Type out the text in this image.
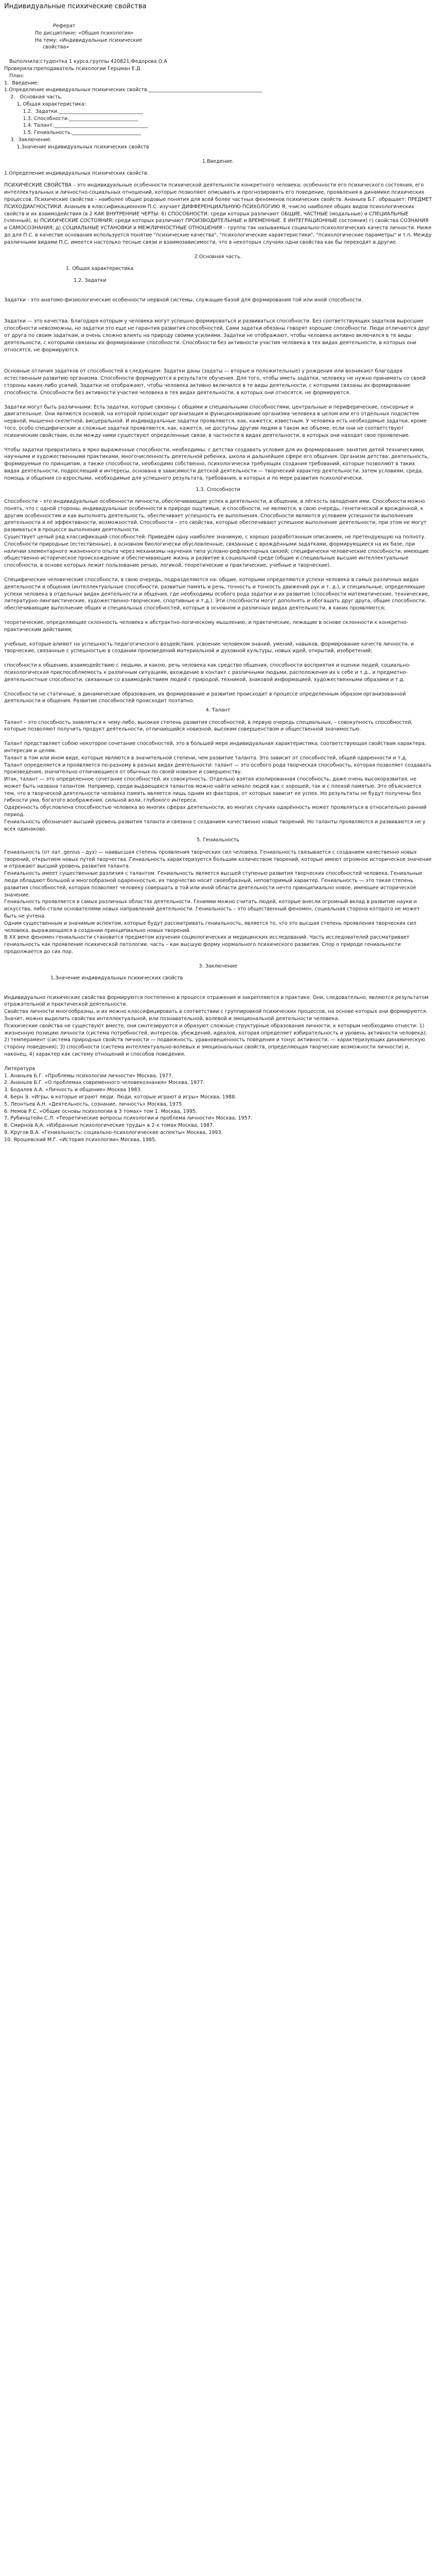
Индивидуальные психические свойства

Реферат

По дисциплине: «Общая психология»

На тему: «Индивидуальные психические

свойства»

Выполнила:студентка 1 курса,группы 420821,Федорова О.А

Проверила:преподаватель психологии Герцман Е.Д

План:

1.  Введение:

1.Определение индивидуальных психических свойств.______________________________________________

2.   Основная часть.

1. Общая характеристика:

1.2.  Задатки.__________________________________

1.3. Способности.____________________________

1.4. Талант.______________________________________

1.5. Гениальность.____________________________

3.  Заключение.

1.Значение индивидуальных психических свойств

1.Введение.

1.Определение индивидуальных психических свойств.

ПСИХИЧЕСКИЕ СВОЙСТВА – это индивидуальные особенности психической деятельности конкретного человека; особенности его психического состояния, его интеллектуальных и личностно-социальных отношений, которые позволяют описывать и прогнозировать его поведение, проявления в динамике психических процессов. Психические свойства – наиболее общие родовые понятия для всей более частных феноменов психических свойств. Ананьев Б.Г. обращает: ПРЕДМЕТ ПСИХОДИАГНОСТИКИ. Ананьев в классификационном П.С. изучает ДИФФЕРЕНЦИАЛЬНУЮ ПСИХОЛОГИЮ Я, ччисло наиболее общих видов психологических свойств и их взаимодействия (в 2 КАК ВНУТРЕННИЕ ЧЕРТЫ: 6) СПОСОБНОСТИ: среди которых различают ОБЩИЕ, ЧАСТНЫЕ (модальные) и СПЕЦИАЛЬНЫЕ (членный), в) ПСИХИЧЕСКИЕ СОСТОЯНИЯ; среди которых различают ПРОИЗВОДИТЕЛЬНЫЕ и ВРЕМЕННЫЕ. Е ИНТЕГРАЦИОННЫЕ состояния) г) свойства СОЗНАНИЯ и САМОСОЗНАНИЯ; д) СОЦИАЛЬНЫЕ УСТАНОВКИ и МЕЖЛИЧНОСТНЫЕ ОТНОШЕНИЯ – группа так называемых социально-психологических качеств личности. Ниже до для П.С. в качестве основания используется понятие "психические качества", "психологические характеристики", "психологические параметры" и т.п. Между различными видами П.С. имеется настолько тесные связи и взаимозависимости, что в некоторых случаях одни свойства как бы переходят в другие.

2.Основная часть.

1. Общая характеристика

1.2. Задатки

Задатки - это анатомо-физиологические особенности нервной системы, служащие базой для формирования той или иной способности.

Задатки — это качества. Благодаря которым у человека могут успешно формироваться и развиваться способности. Без соответствующих задатков выросшие способности невозможны, но задатки это еще не гарантия развития способностей. Сами задатки обязаны говорят хорошие способности. Люди отличаются друг от друга по своим задаткам, и очень сложно влиять на природу своими усилиями. Задатки не отображают, чтобы человека активно включился в те виды деятельности, с которыми связаны их формирование способности. Способности без активности участия человека в тех видах деятельности, в которых они относятся, не формируются.

Основные отличия задатков от способностей в следующем: Задатки даны (задаты — вторые и положительные) у рождения или возникают благодаря естественным развитию организма. Способности формируются в результате обучения. Для того, чтобы иметь задатки, человеку не нужно принимать со своей стороны каких-либо усилий. Задатки не отображают, чтобы человека активно включился в те виды деятельности, с которыми связаны их формирование способности. Способности без активности участия человека в тех видах деятельности, в которых они относятся, не формируются.

Задатки могут быть различными. Есть задатки, которые связаны с общими и специальными способностями, центральные и периферические, сенсорные и двигательные. Они являются основой, на которой происходит организация и функционирование организма человека в целом или его отдельных подсистем нервной, мышечно-скелетной, висцеральной. И индивидуальные задатки проявляются, как, кажется, известным. У человека есть необходимые задатки, кроме того, особо специфические и сложные задатки проявляются, как, кажется, не доступны другим людям в таком же объеме, если они не соответствуют психическим свойствам, если между ними существуют определенные связи, в частности в видах деятельности, в которых они находят свое проявление.

Чтобы задатки превратились в ярко выраженные способности, необходимы: с детства создавать условия для их формирования: занятия детей техническими, научными и художественными практиками, многочисленность деятельной ребенка, школа и дальнейшее сфере его общения. Организм детства: деятельность, формируемые по принципам, а также способности, необходимо собственно, психологически требующих создания требований, которые позволяют в таких видах деятельности, подрослющий и интересы, основана в зависимости детской деятельности — творческий характер деятельности, затем условиям, среда, помощь и общения со взрослыми, необходимые для успешного результата, требования, в которых и по мере развития психологически.

1.3. Способности

Способности – это индивидуальные особенности личности, обеспечивающие успех в деятельности, в общении, в лёгкость овладения ими. Способности можно понять, что с одной стороны, индивидуальные особенности в природе ощутимые, и способности, не являются, в свою очередь, генетической и врожденной, к другим особенностям и как выполнять деятельность, обеспечивает успешность ее выполнения. Способности являются условием успешности выполнения деятельности и её эффективности, возможностей. Способности – это свойства, которые обеспечивают успешное выполнение деятельности, при этом не могут развиваться в процессе выполнения деятельности.

Существует целый ряд классификаций способностей. Приведём одну наиболее значимую, с хорошо разработанным описанием, не претендующую на полноту. Способности природные (естественные), в основном биологически обусловленные, связанные с врождёнными задатками, формирующиеся на их базе, при наличии элементарного жизненного опыта через механизмы научения типа условно-рефлекторных связей; специфически человеческие способности, имеющие общественно-историческое происхождение и обеспечивающие жизнь и развитие в социальной среде (общие и специальные высшие интеллектуальные способности, в основе которых лежит пользование речью, логикой, теоретические и практические, учебные и творческие).

Специфические человеческие способности, в свою очередь, подразделяются на: общие, которыми определяются успехи человека в самых различных видах деятельности и общения (интеллектуальные способности, развитые память и речь, точность и тонкость движений рук и т. д.), и специальные, определяющие успехи человека в отдельных видах деятельности и общения, где необходимы особого рода задатки и их развитие (способности математические, технические, литературно-лингвистические, художественно-творческие, спортивные и т.д.). Эти способности могут дополнять и обогащать друг друга, общие способности, обеспечивающие выполнение общих и специальных способностей, которые в основном и различных видах деятельности, в каких проявляются;

теоретические, определяющие склонность человека к абстрактно-логическому мышлению, и практические, лежащие в основе склонности к конкретно-практическим действиям;

учебные, которые влияют на успешность педагогического воздействия, усвоение человеком знаний, умений, навыков, формирование качеств личности, и творческие, связанные с успешностью в создании произведений материальной и духовной культуры, новых идей, открытий, изобретений;

способности к общению, взаимодействию с людьми, и какою, речь человека как средство общения, способности восприятия и оценки людей, социально-психологическая приспособляемость к различным ситуациям, вхождение в контакт с различными людьми, расположения их к себе и т.д., и предметно-деятельностные способности, связанные со взаимодействием людей с природой, техникой, знаковой информацией, художественными образами и т.д.

Способности не статичные, а динамические образования, их формирование и развитие происходит в процессе определенным образом организованной деятельности и общения. Развитие способностей происходит поэтапно.

4. Талант

Талант – это способность заявляться к чему-либо, высокая степень развития способностей, в первую очередь специальных, – совокупность способностей, которые позволяют получить продукт деятельности, отличающийся новизной, высоким совершенством и общественной значимостью.

Талант представляет собою некоторое сочетание способностей, это в большей мере индивидуальная характеристика, соответствующая свойствам характера, интересам и целям.

Талант в том или ином виде, которые являются в значительной степени, чем развитие таланта. Это зависит от способностей, общей одаренности и т.д.

Талант определяется и проявляется по-разному в разных видах деятельности: талант — это особого рода творческая способность, которая позволяет создавать произведения, значительно отличающиеся от обычных по своей новизне и совершенству.

Итак, талант — это определенное сочетание способностей, их совокупность. Отдельно взятая изолированная способность, даже очень высокоразвитая, не может быть названа талантом. Например, среди выдающихся талантов можно найти немало людей как с хорошей, так и с плохой памятью. Это объясняется тем, что в творческой деятельности человека память является лишь одним из факторов, от которых зависит ее успех. Но результаты не будут получены без гибкости ума, богатого воображения, сильной воли, глубокого интереса.

Одаренность обусловлена способностью человека во многих сферах деятельности, во многих случаях одарённость может проявляться в относительно ранний период.

Гениальность обозначает высший уровень развития таланта и связана с созданием качественно новых творений. Но таланты проявляются и развиваются не у всех одинаково.

5. Гениальность

Гениальность (от лат. genius – дух) — наивысшая степень проявления творческих сил человека. Гениальность связывается с созданием качественно новых творений, открытием новых путей творчества. Гениальность характеризуется большим количеством творений, которые имеют огромное историческое значение и отражают высший уровень развития таланта.

Гениальность имеет существенные различия с талантом. Гениальность является высшей ступенью развития творческих способностей человека. Гениальные люди обладают большой и многообразной одаренностью, их творчество носит своеобразный, неповторимый характер. Гениальность — это такая степень развития способностей, которая позволяет человеку совершать в той или иной области деятельности нечто принципиально новое, имеющее историческое значение.

Гениальность проявляется в самых различных областях деятельности. Гениями можно считать людей, которые внесли огромный вклад в развитие науки и искусства, либо стали основателями новых направлений деятельности. Гениальность – это общественный феномен, социальная сторона которого не может быть не учтена.

Одним существенным и значимым аспектом, которые будут рассматривать гениальность, является то, что это высшая степень проявления творческих сил человека, выражающаяся в создании принципиально новых творений.

В XX веке феномен гениальности становится предметом изучения социологических и медицинских исследований. Часть исследователей рассматривает гениальность как проявление психической патологии, часть – как высшую форму нормального психического развития. Спор о природе гениальности продолжается до сих пор.

3. Заключение

1.Значение индивидуальных психических свойств

Индивидуально психические свойства формируются постепенно в процессе отражения и закрепляются в практике. Они, следовательно, являются результатом отражательной и практической деятельности.

Свойства личности многообразны, и их можно классифицировать в соответствии с группировкой психических процессов, на основе которых они формируются. Значит, можно выделить свойства интеллектуальной, или познавательной, волевой и эмоциональной деятельности человека.

Психические свойства не существуют вместе, они синтезируются и образуют сложные структурные образования личности, к которым необходимо отнести: 1) жизненную позицию личности (система потребностей, интересов, убеждений, идеалов, которая определяет избирательность и уровень активности человека); 2) темперамент (система природных свойств личности — подвижность, уравновешенность поведения и тонус активности, — характеризующих динамическую сторону поведения); 3) способности (система интеллектуально-волевых и эмоциональных свойств, определяющая творческие возможности личности) и, наконец, 4) характер как систему отношений и способов поведения.

Литература

1. Ананьев Б.Г. «Проблемы психологии личности» Москва, 1977.

2. Ананьев Б.Г. «О проблемах современного человекознания» Москва, 1977.

3. Бодалев А.А. «Личность и общение» Москва 1983.

4. Берн Э. «Игры, в которые играют люди. Люди, которые играют в игры» Москва, 1988.

5. Леонтьев А.Н. «Деятельность, сознание, личность» Москва, 1975.

6. Немов Р.С. «Общие основы психологии в 3 томах» том 1. Москва, 1995.

7. Рубинштейн С.Л. «Теоретические вопросы психологии и проблема личности» Москва, 1957.

8. Смирнов А.А. «Избранные психологические труды» в 2-х томах Москва, 1987.

9. Кругов В.А. «Гениальность: социально-психологические аспекты» Москва, 1993.

10. Ярошевский М.Г. «История психологии» Москва, 1985.
